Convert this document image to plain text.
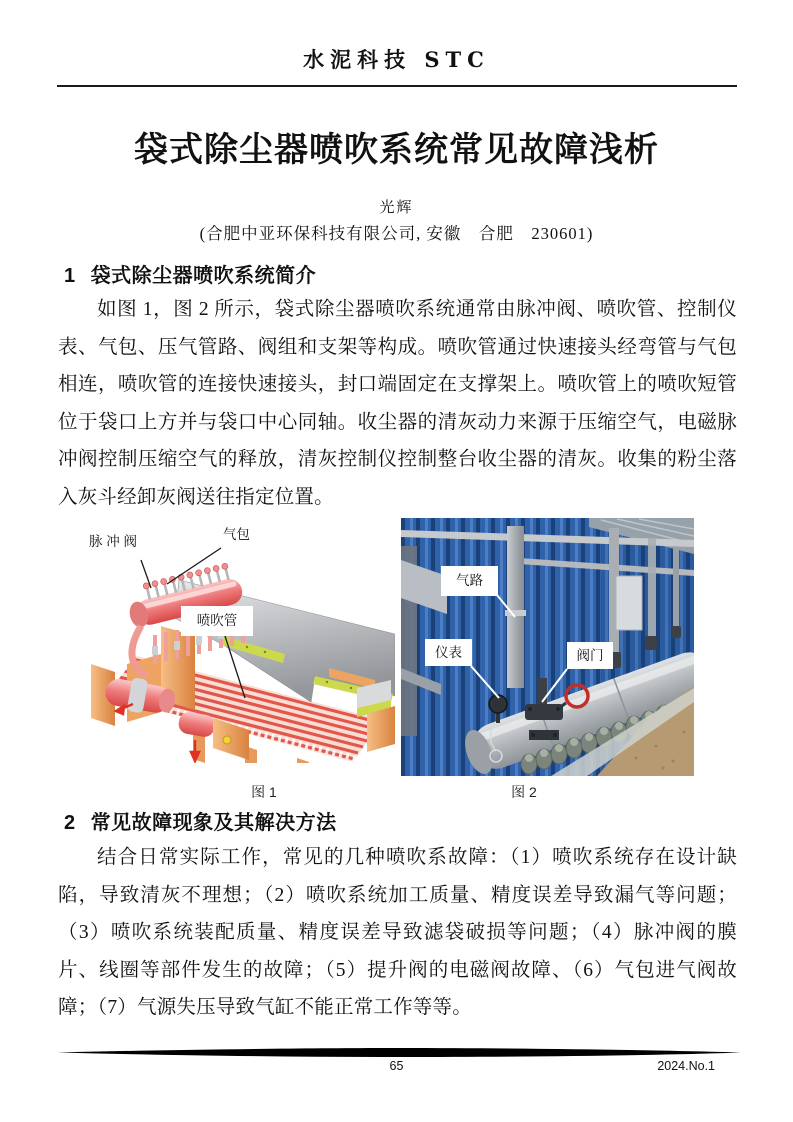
水泥科技 STC
袋式除尘器喷吹系统常见故障浅析
光辉
(合肥中亚环保科技有限公司, 安徽　合肥　230601)
1 袋式除尘器喷吹系统简介
如图 1，图 2 所示，袋式除尘器喷吹系统通常由脉冲阀、喷吹管、控制仪表、气包、压气管路、阀组和支架等构成。喷吹管通过快速接头经弯管与气包相连，喷吹管的连接快速接头，封口端固定在支撑架上。喷吹管上的喷吹短管位于袋口上方并与袋口中心同轴。收尘器的清灰动力来源于压缩空气，电磁脉冲阀控制压缩空气的释放，清灰控制仪控制整台收尘器的清灰。收集的粉尘落入灰斗经卸灰阀送往指定位置。
脉 冲 阀	气包
喷吹管
气路
仪表	阀门
图 1	图 2
2 常见故障现象及其解决方法
结合日常实际工作，常见的几种喷吹系故障：（1）喷吹系统存在设计缺陷，导致清灰不理想；（2）喷吹系统加工质量、精度误差导致漏气等问题；（3）喷吹系统装配质量、精度误差导致滤袋破损等问题；（4）脉冲阀的膜片、线圈等部件发生的故障；（5）提升阀的电磁阀故障、（6）气包进气阀故障；（7）气源失压导致气缸不能正常工作等等。
65	2024.No.1
